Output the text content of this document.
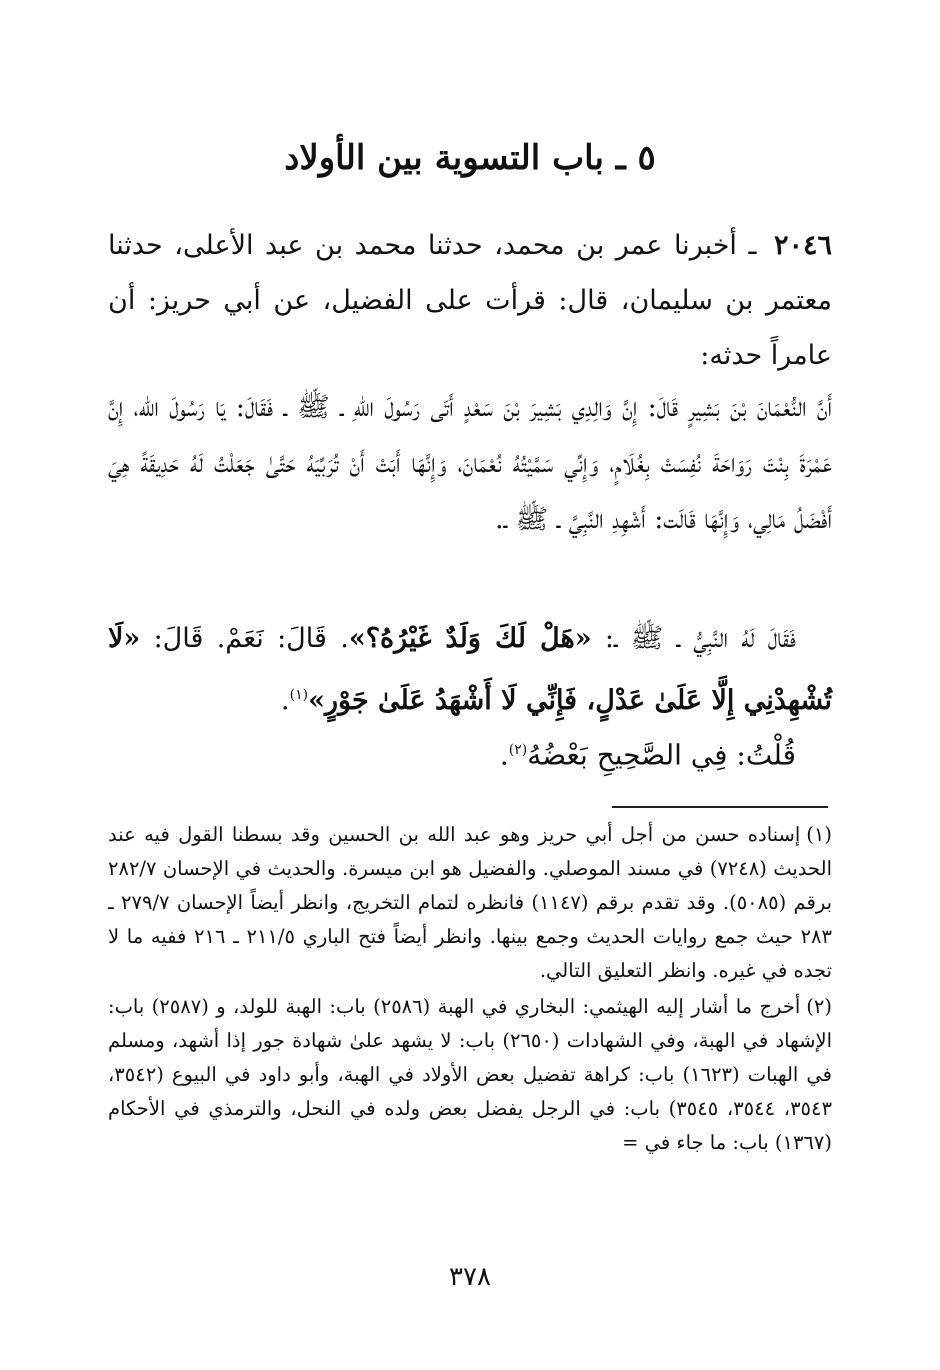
٥ ـ باب التسوية بين الأولاد

٢٠٤٦ ـ أخبرنا عمر بن محمد، حدثنا محمد بن عبد الأعلى، حدثنا معتمر بن سليمان، قال: قرأت على الفضيل، عن أبي حريز: أن عامراً حدثه:

أَنَّ النُّعْمَانَ بْنَ بَشِيرٍ قَالَ: إِنَّ وَالِدِي بَشِيرَ بْنَ سَعْدٍ أَتَى رَسُولَ اللهِ ـ ﷺ ـ فَقَالَ: يَا رَسُولَ الله، إِنَّ عَمْرَةَ بِنْتَ رَوَاحَةَ نُفِسَتْ بِغُلَامٍ، وَإِنِّي سَمَّيْتُهُ نُعْمَانَ، وَإِنَّهَا أَبَتْ أَنْ تُرَبِّيَهُ حَتَّىٰ جَعَلْتُ لَهُ حَدِيقَةً هِيَ أَفْضَلُ مَالِي، وَإِنَّهَا قَالَت: أَشْهِدِ النَّبِيَّ ـ ﷺ ـ.

فَقَالَ لَهُ النَّبِيُّ ـ ﷺ ـ: «هَلْ لَكَ وَلَدٌ غَيْرُهُ؟». قَالَ: نَعَمْ. قَالَ: «لَا تُشْهِدْنِي إِلَّا عَلَىٰ عَدْلٍ، فَإِنِّي لَا أَشْهَدُ عَلَىٰ جَوْرٍ»$^{(١)}$.

قُلْتُ: فِي الصَّحِيحِ بَعْضُهُ$^{(٢)}$.

(١)إسناده حسن من أجل أبي حريز وهو عبد الله بن الحسين وقد بسطنا القول فيه عند الحديث (٧٢٤٨) في مسند الموصلي. والفضيل هو ابن ميسرة. والحديث في الإحسان ٢٨٢/٧ برقم (٥٠٨٥). وقد تقدم برقم (١١٤٧) فانظره لتمام التخريج، وانظر أيضاً الإحسان ٢٧٩/٧ ـ ٢٨٣ حيث جمع روايات الحديث وجمع بينها. وانظر أيضاً فتح الباري ٢١١/٥ ـ ٢١٦ ففيه ما لا تجده في غيره. وانظر التعليق التالي.

(٢)أخرج ما أشار إليه الهيثمي: البخاري في الهبة (٢٥٨٦) باب: الهبة للولد، و (٢٥٨٧) باب: الإشهاد في الهبة، وفي الشهادات (٢٦٥٠) باب: لا يشهد علىٰ شهادة جور إذا أشهد، ومسلم في الهبات (١٦٢٣) باب: كراهة تفضيل بعض الأولاد في الهبة، وأبو داود في البيوع (٣٥٤٢، ٣٥٤٣، ٣٥٤٤، ٣٥٤٥) باب: في الرجل يفضل بعض ولده في النحل، والترمذي في الأحكام (١٣٦٧) باب: ما جاء في =

٣٧٨
